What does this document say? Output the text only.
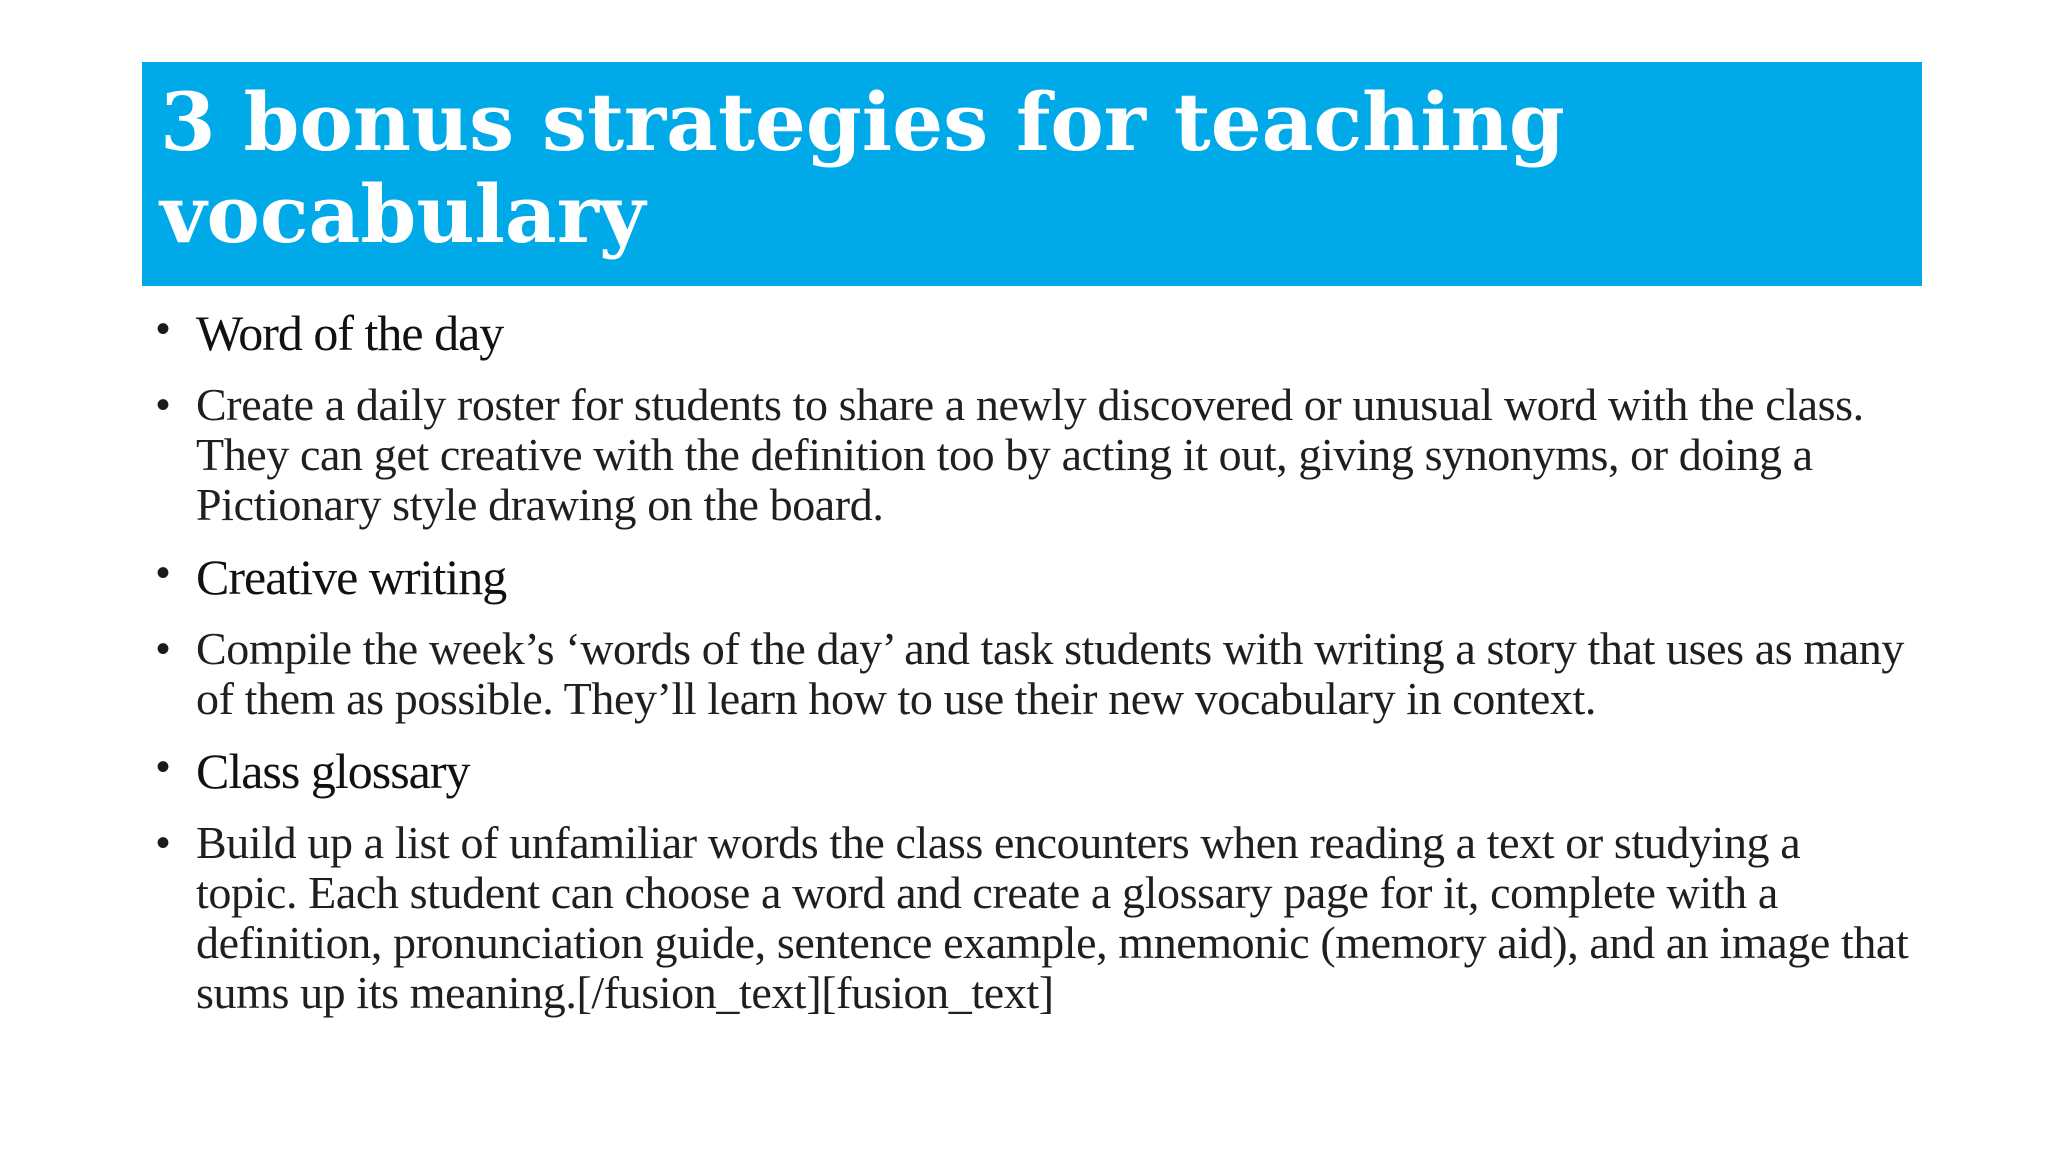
3 bonus strategies for teaching vocabulary
• Word of the day
• Create a daily roster for students to share a newly discovered or unusual word with the class. They can get creative with the definition too by acting it out, giving synonyms, or doing a Pictionary style drawing on the board.
• Creative writing
• Compile the week’s ‘words of the day’ and task students with writing a story that uses as many of them as possible. They’ll learn how to use their new vocabulary in context.
• Class glossary
• Build up a list of unfamiliar words the class encounters when reading a text or studying a topic. Each student can choose a word and create a glossary page for it, complete with a definition, pronunciation guide, sentence example, mnemonic (memory aid), and an image that sums up its meaning.[/fusion_text][fusion_text]
